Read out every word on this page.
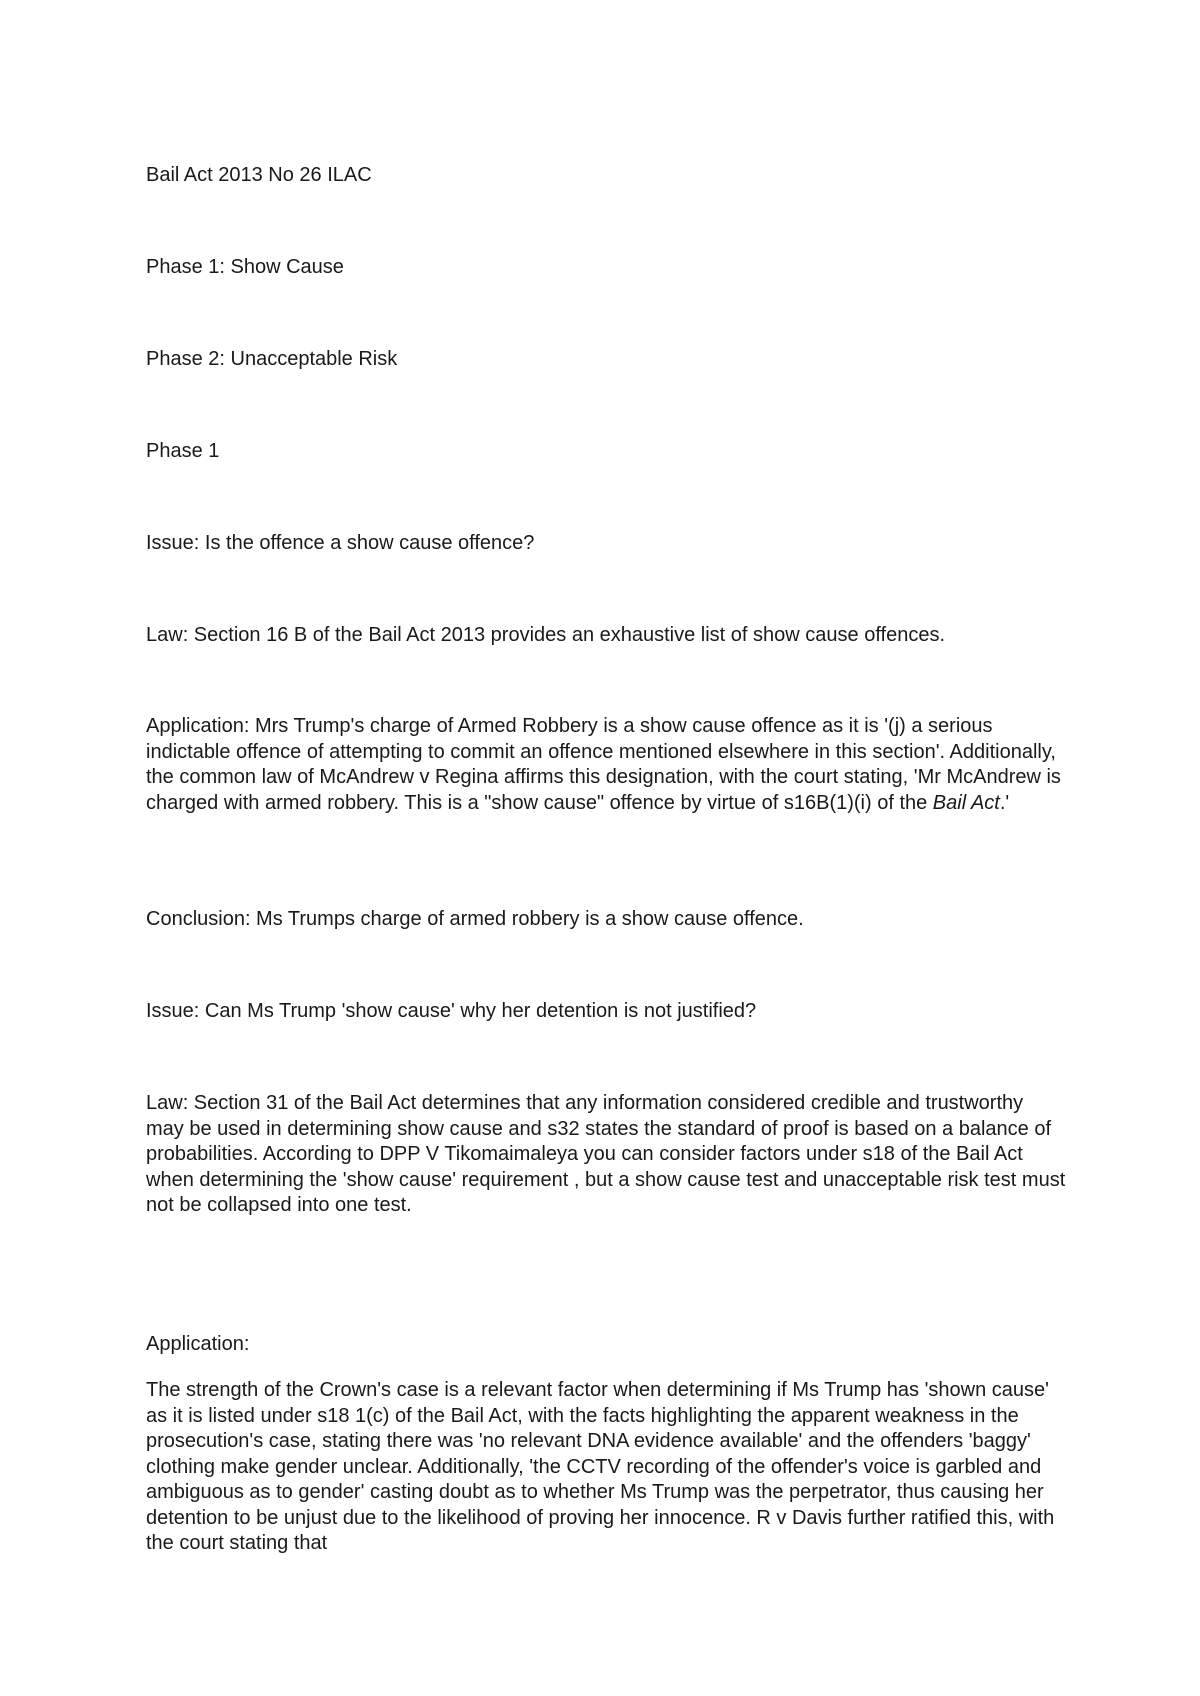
Bail Act 2013 No 26 ILAC

Phase 1: Show Cause

Phase 2: Unacceptable Risk

Phase 1

Issue: Is the offence a show cause offence?

Law: Section 16 B of the Bail Act 2013 provides an exhaustive list of show cause offences.

Application: Mrs Trump's charge of Armed Robbery is a show cause offence as it is '(j) a serious indictable offence of attempting to commit an offence mentioned elsewhere in this section'. Additionally, the common law of McAndrew v Regina affirms this designation, with the court stating, 'Mr McAndrew is charged with armed robbery. This is a "show cause" offence by virtue of s16B(1)(i) of the Bail Act.'

Conclusion: Ms Trumps charge of armed robbery is a show cause offence.

Issue: Can Ms Trump 'show cause' why her detention is not justified?

Law: Section 31 of the Bail Act determines that any information considered credible and trustworthy may be used in determining show cause and s32 states the standard of proof is based on a balance of probabilities. According to DPP V Tikomaimaleya you can consider factors under s18 of the Bail Act when determining the 'show cause' requirement , but a show cause test and unacceptable risk test must not be collapsed into one test.

Application:

The strength of the Crown's case is a relevant factor when determining if Ms Trump has 'shown cause' as it is listed under s18 1(c) of the Bail Act, with the facts highlighting the apparent weakness in the prosecution's case, stating there was 'no relevant DNA evidence available' and the offenders 'baggy' clothing make gender unclear. Additionally, 'the CCTV recording of the offender's voice is garbled and ambiguous as to gender' casting doubt as to whether Ms Trump was the perpetrator, thus causing her detention to be unjust due to the likelihood of proving her innocence. R v Davis further ratified this, with the court stating that
